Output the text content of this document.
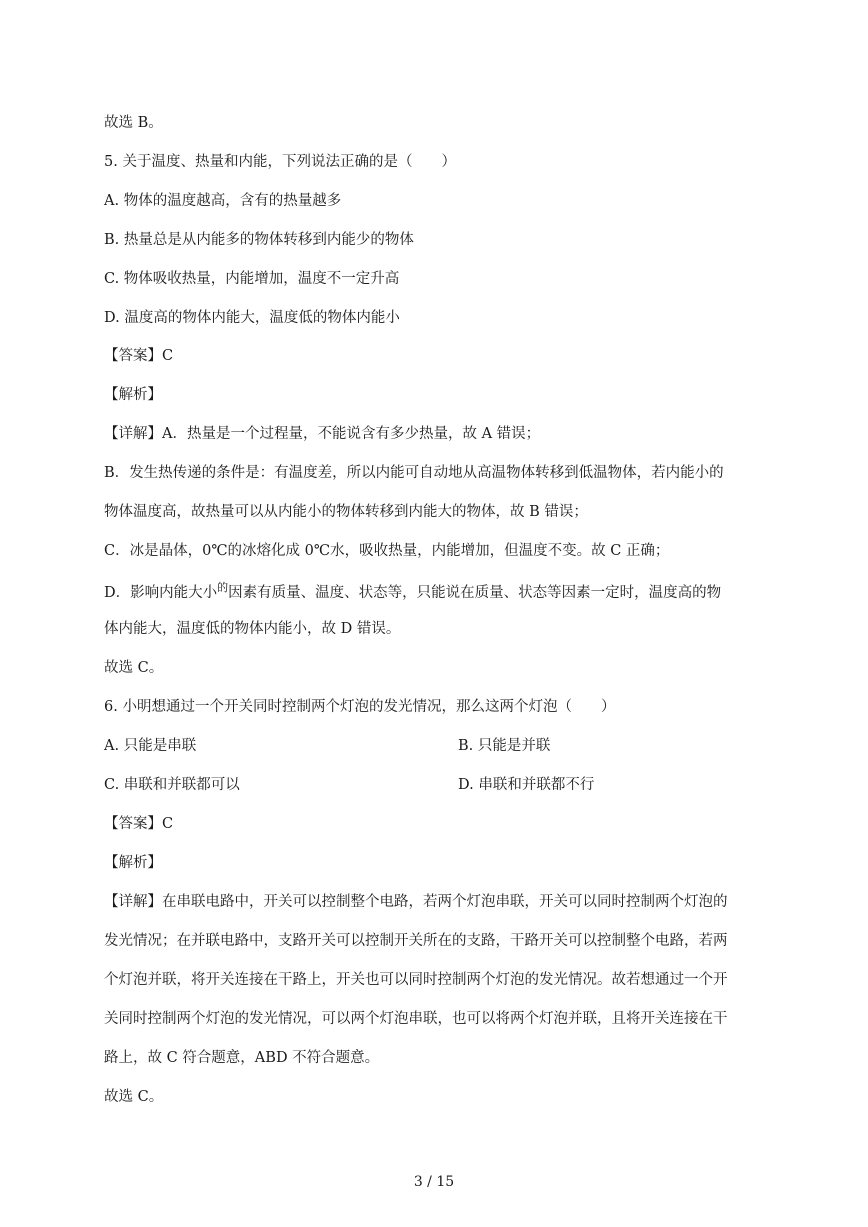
故选 B。
5. 关于温度、热量和内能，下列说法正确的是（　　）
A. 物体的温度越高，含有的热量越多
B. 热量总是从内能多的物体转移到内能少的物体
C. 物体吸收热量，内能增加，温度不一定升高
D. 温度高的物体内能大，温度低的物体内能小
【答案】C
【解析】
【详解】A．热量是一个过程量，不能说含有多少热量，故 A 错误；
B．发生热传递的条件是：有温度差，所以内能可自动地从高温物体转移到低温物体，若内能小的
物体温度高，故热量可以从内能小的物体转移到内能大的物体，故 B 错误；
C．冰是晶体，0℃的冰熔化成 0℃水，吸收热量，内能增加，但温度不变。故 C 正确；
D．影响内能大小$^的$因素有质量、温度、状态等，只能说在质量、状态等因素一定时，温度高的物
体内能大，温度低的物体内能小，故 D 错误。
故选 C。
6. 小明想通过一个开关同时控制两个灯泡的发光情况，那么这两个灯泡（　　）
A. 只能是串联	B. 只能是并联
C. 串联和并联都可以	D. 串联和并联都不行
【答案】C
【解析】
【详解】在串联电路中，开关可以控制整个电路，若两个灯泡串联，开关可以同时控制两个灯泡的
发光情况；在并联电路中，支路开关可以控制开关所在的支路，干路开关可以控制整个电路，若两
个灯泡并联，将开关连接在干路上，开关也可以同时控制两个灯泡的发光情况。故若想通过一个开
关同时控制两个灯泡的发光情况，可以两个灯泡串联，也可以将两个灯泡并联，且将开关连接在干
路上，故 C 符合题意，ABD 不符合题意。
故选 C。
3 / 15
